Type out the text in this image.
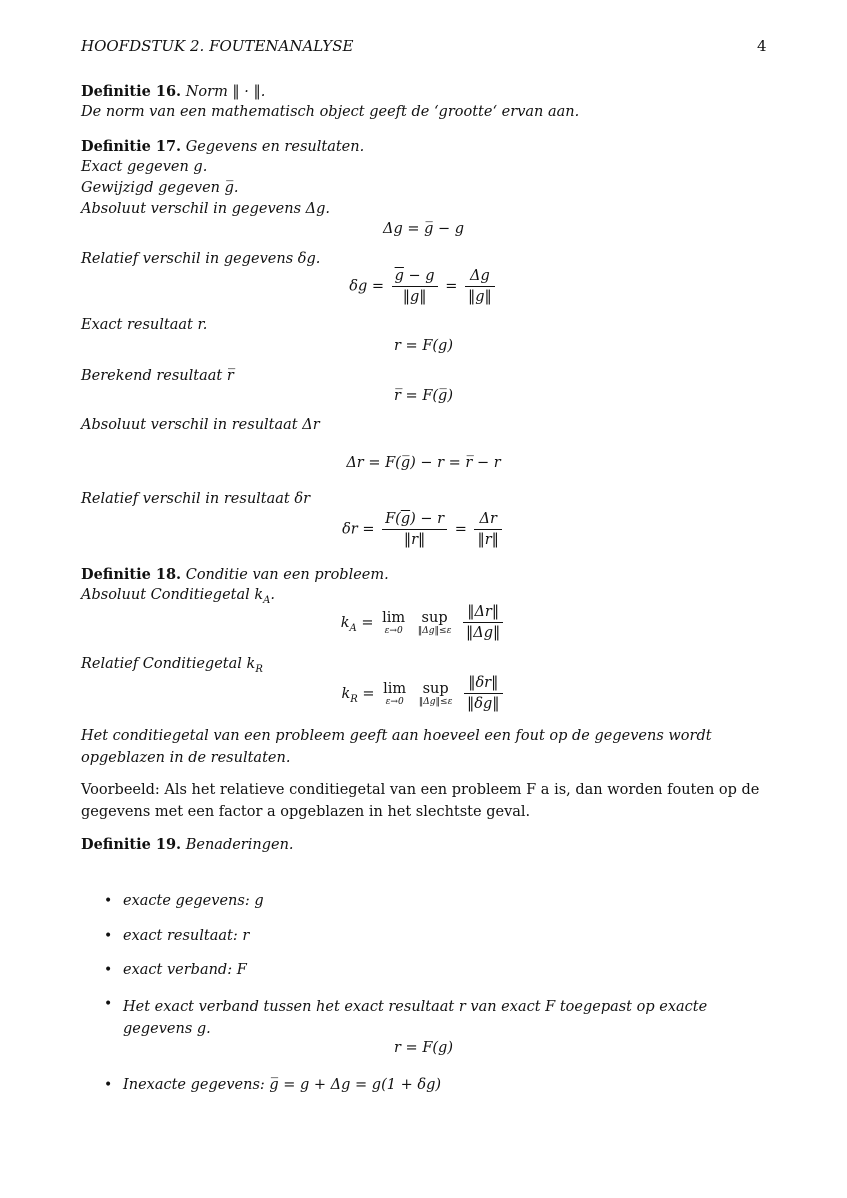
HOOFDSTUK 2. FOUTENANALYSE	4
Definitie 16. Norm ‖ · ‖.
De norm van een mathematisch object geeft de ‘grootte‘ ervan aan.
Definitie 17. Gegevens en resultaten.
Exact gegeven g.
Gewijzigd gegeven g̅.
Absoluut verschil in gegevens Δg.
Δg = g̅ − g
Relatief verschil in gegevens δg.
$\delta g = \frac{\overline{g} - g}{‖g‖} = \frac{\Delta g}{‖g‖}$
Exact resultaat r.
r = F(g)
Berekend resultaat r̅
r̅ = F(g̅)
Absoluut verschil in resultaat Δr
Δr = F(g̅) − r = r̅ − r
Relatief verschil in resultaat δr
$\delta r = \frac{F(\overline{g}) - r}{‖r‖} = \frac{\Delta r}{‖r‖}$
Definitie 18. Conditie van een probleem.
Absoluut Conditiegetal $k_A$.
$k_A = \lim$
ε→0

sup
‖Δg‖≤ε
$\frac{‖\Delta r‖}{‖\Delta g‖}$
Relatief Conditiegetal $k_R$
$k_R = \lim$
ε→0

sup
‖Δg‖≤ε
$\frac{‖\delta r‖}{‖\delta g‖}$
Het conditiegetal van een probleem geeft aan hoeveel een fout op de gegevens wordt opgeblazen in de resultaten.
Voorbeeld: Als het relatieve conditiegetal van een probleem F a is, dan worden fouten op de gegevens met een factor a opgeblazen in het slechtste geval.
Definitie 19. Benaderingen.
• exacte gegevens: g
• exact resultaat: r
• exact verband: F
• Het exact verband tussen het exact resultaat r van exact F toegepast op exacte gegevens g.
r = F(g)
• Inexacte gegevens: g̅ = g + Δg = g(1 + δg)
